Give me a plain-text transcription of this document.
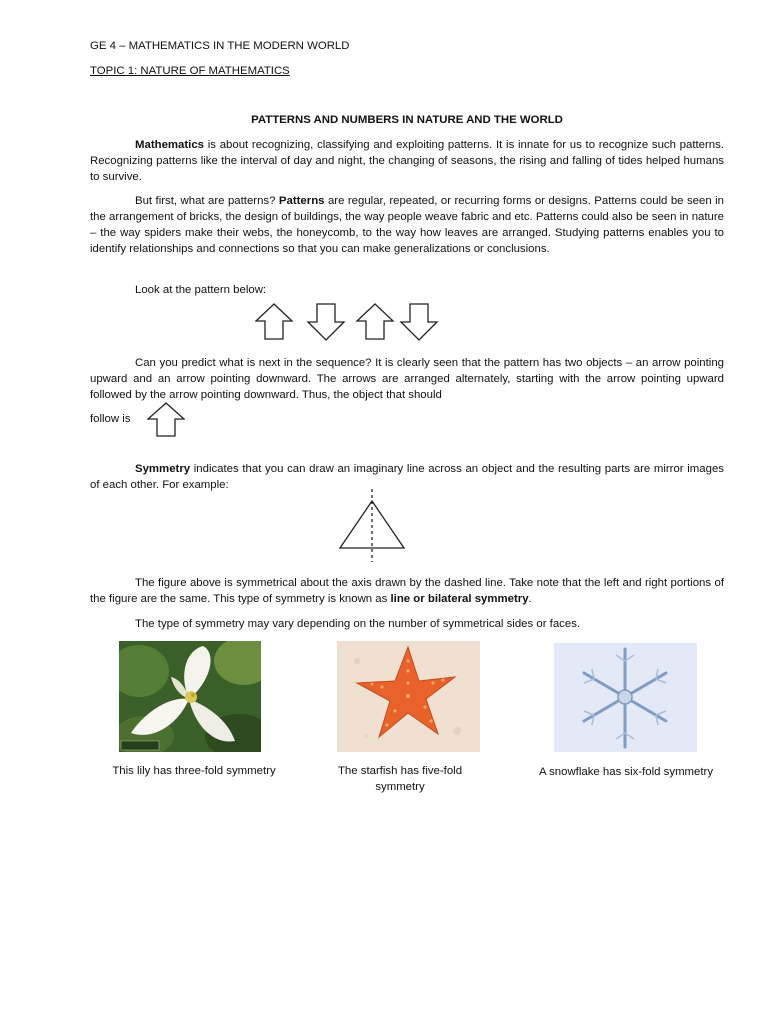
GE 4 – MATHEMATICS IN THE MODERN WORLD
TOPIC 1: NATURE OF MATHEMATICS
PATTERNS AND NUMBERS IN NATURE AND THE WORLD
Mathematics is about recognizing, classifying and exploiting patterns. It is innate for us to recognize such patterns. Recognizing patterns like the interval of day and night, the changing of seasons, the rising and falling of tides helped humans to survive.
But first, what are patterns? Patterns are regular, repeated, or recurring forms or designs. Patterns could be seen in the arrangement of bricks, the design of buildings, the way people weave fabric and etc. Patterns could also be seen in nature – the way spiders make their webs, the honeycomb, to the way how leaves are arranged. Studying patterns enables you to identify relationships and connections so that you can make generalizations or conclusions.
Look at the pattern below:
Can you predict what is next in the sequence? It is clearly seen that the pattern has two objects – an arrow pointing upward and an arrow pointing downward. The arrows are arranged alternately, starting with the arrow pointing upward followed by the arrow pointing downward. Thus, the object that should
follow is
Symmetry indicates that you can draw an imaginary line across an object and the resulting parts are mirror images of each other. For example:
The figure above is symmetrical about the axis drawn by the dashed line. Take note that the left and right portions of the figure are the same. This type of symmetry is known as line or bilateral symmetry.
The type of symmetry may vary depending on the number of symmetrical sides or faces.
This lily has three-fold symmetry	The starfish has five-fold symmetry
A snowflake has six-fold symmetry
